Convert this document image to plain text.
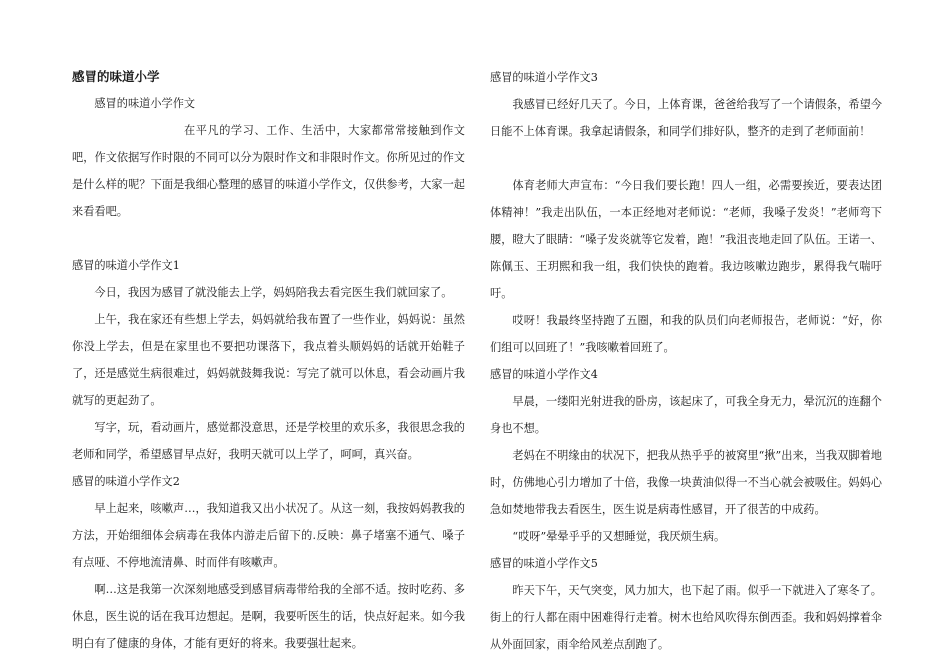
感冒的味道小学

感冒的味道小学作文

在平凡的学习、工作、生活中，大家都常常接触到作文吧，作文依据写作时限的不同可以分为限时作文和非限时作文。你所见过的作文是什么样的呢？下面是我细心整理的感冒的味道小学作文，仅供参考，大家一起来看看吧。

感冒的味道小学作文1

今日，我因为感冒了就没能去上学，妈妈陪我去看完医生我们就回家了。

上午，我在家还有些想上学去，妈妈就给我布置了一些作业，妈妈说：虽然你没上学去，但是在家里也不要把功课落下，我点着头顺妈妈的话就开始鞋子了，还是感觉生病很难过，妈妈就鼓舞我说：写完了就可以休息，看会动画片我就写的更起劲了。

写字，玩，看动画片，感觉都没意思，还是学校里的欢乐多，我很思念我的老师和同学，希望感冒早点好，我明天就可以上学了，呵呵，真兴奋。

感冒的味道小学作文2

早上起来，咳嗽声…，我知道我又出小状况了。从这一刻，我按妈妈教我的方法，开始细细体会病毒在我体内游走后留下的.反映：鼻子堵塞不通气、嗓子有点哑、不停地流清鼻、时而伴有咳嗽声。

啊…这是我第一次深刻地感受到感冒病毒带给我的全部不适。按时吃药、多休息，医生说的话在我耳边想起。是啊，我要听医生的话，快点好起来。如今我明白有了健康的身体，才能有更好的将来。我要强壮起来。

感冒的味道小学作文3

我感冒已经好几天了。今日，上体育课，爸爸给我写了一个请假条，希望今日能不上体育课。我拿起请假条，和同学们排好队，整齐的走到了老师面前！

体育老师大声宣布：“今日我们要长跑！四人一组，必需要挨近，要表达团体精神！”我走出队伍，一本正经地对老师说：“老师，我嗓子发炎！”老师弯下腰，瞪大了眼睛：“嗓子发炎就等它发着，跑！”我沮丧地走回了队伍。王诺一、陈佩玉、王玥熙和我一组，我们快快的跑着。我边咳嗽边跑步，累得我气喘吁吁。

哎呀！我最终坚持跑了五圈，和我的队员们向老师报告，老师说：“好，你们组可以回班了！”我咳嗽着回班了。

感冒的味道小学作文4

早晨，一缕阳光射进我的卧房，该起床了，可我全身无力，晕沉沉的连翻个身也不想。

老妈在不明缘由的状况下，把我从热乎乎的被窝里“揪”出来，当我双脚着地时，仿佛地心引力增加了十倍，我像一块黄油似得一不当心就会被吸住。妈妈心急如焚地带我去看医生，医生说是病毒性感冒，开了很苦的中成药。

“哎呀”晕晕乎乎的又想睡觉，我厌烦生病。

感冒的味道小学作文5

昨天下午，天气突变，风力加大，也下起了雨。似乎一下就进入了寒冬了。街上的行人都在雨中困难得行走着。树木也给风吹得东倒西歪。我和妈妈撑着伞从外面回家，雨伞给风差点刮跑了。
